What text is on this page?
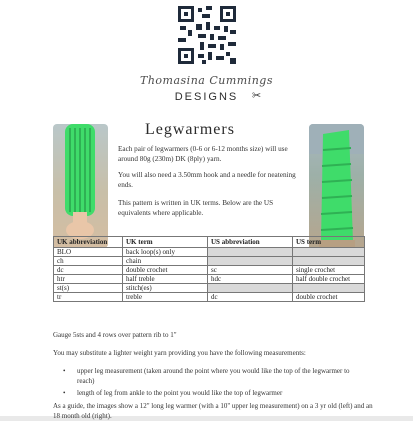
Thomasina Cummings
DESIGNS	✂
Legwarmers
Each pair of legwarmers (0-6 or 6-12 months size) will use around 80g (230m) DK (8ply) yarn.
You will also need a 3.50mm hook and a needle for neatening ends.
This pattern is written in UK terms. Below are the US equivalents where applicable.
UK abbreviation	UK term	US abbreviation	US term
BLO	back loop(s) only		
ch	chain		
dc	double crochet	sc	single crochet
htr	half treble	hdc	half double crochet
st(s)	stitch(es)		
tr	treble	dc	double crochet
Gauge 5sts and 4 rows over pattern rib to 1"
You may substitute a lighter weight yarn providing you have the following measurements:
• upper leg measurement (taken around the point where you would like the top of the legwarmer to reach)
• length of leg from ankle to the point you would like the top of legwarmer
As a guide, the images show a 12" long leg warmer (with a 10" upper leg measurement) on a 3 yr old (left) and an 18 month old (right).
